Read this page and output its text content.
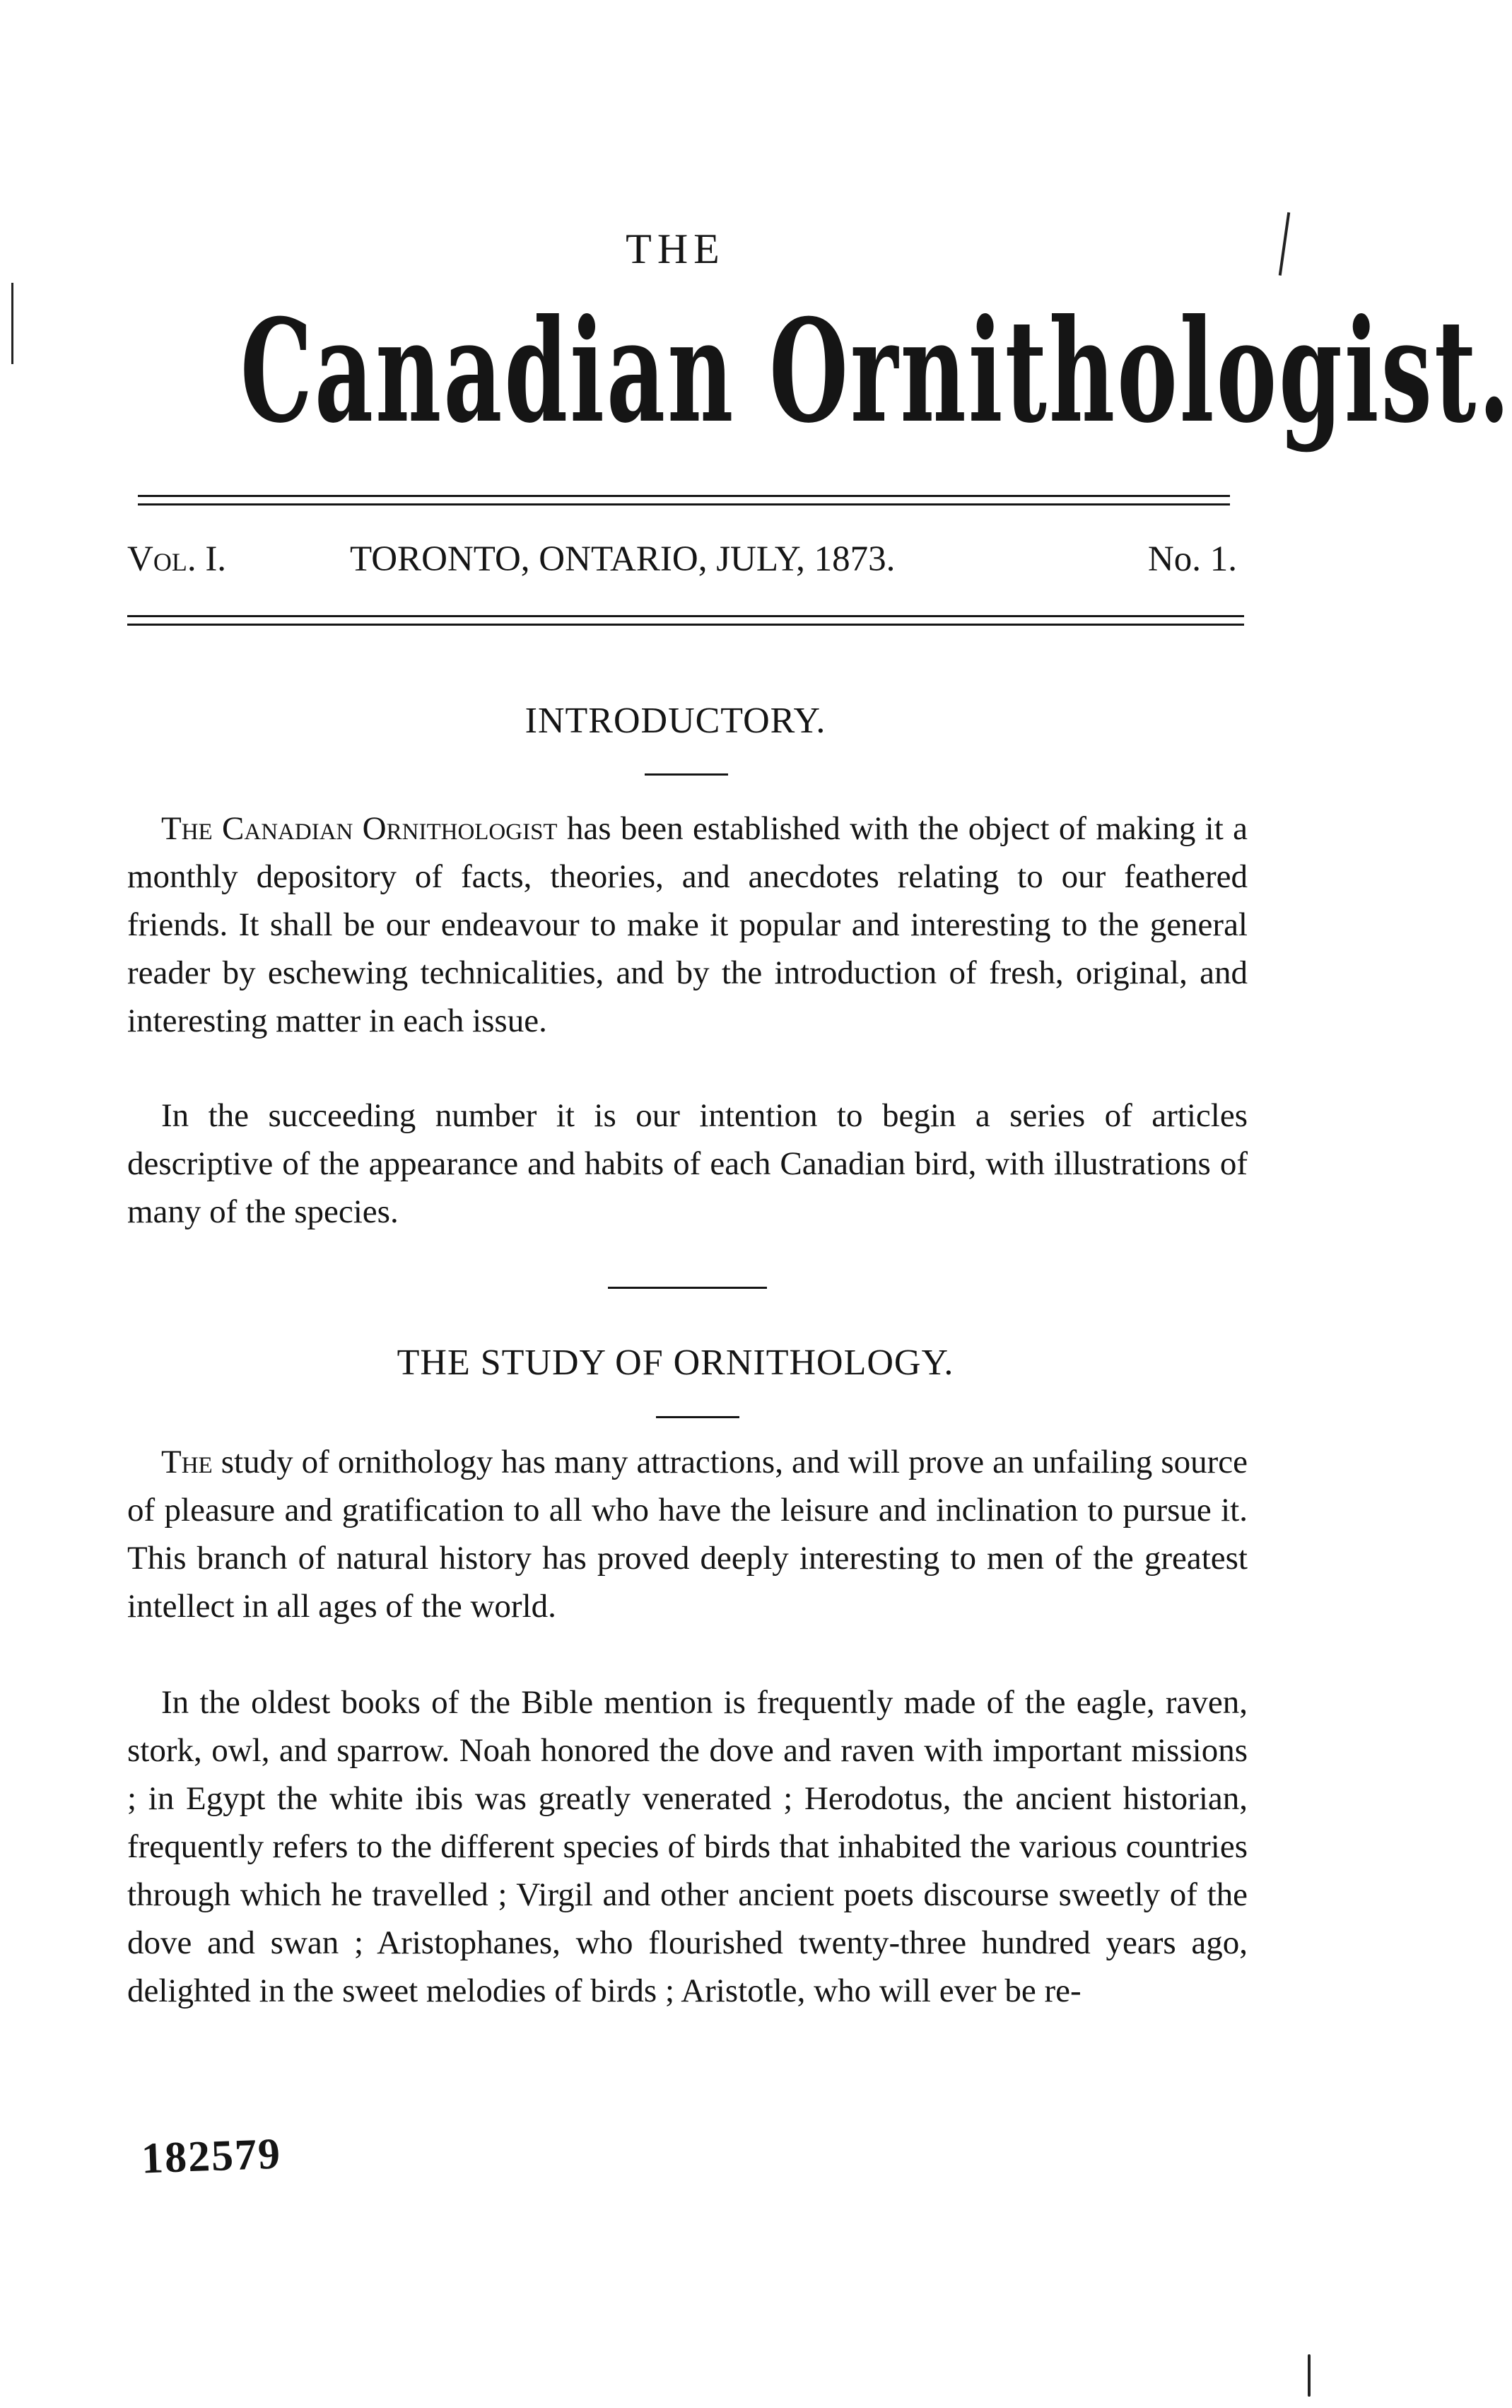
THE
Canadian Ornithologist.
Vol. I.	TORONTO, ONTARIO, JULY, 1873.	No. 1.
INTRODUCTORY.

The Canadian Ornithologist has been established with the object of making it a monthly depository of facts, theories, and anecdotes relating to our feathered friends. It shall be our endeavour to make it popular and interesting to the general reader by eschewing technicalities, and by the introduction of fresh, original, and interesting matter in each issue.

In the succeeding number it is our intention to begin a series of articles descriptive of the appearance and habits of each Canadian bird, with illustrations of many of the species.

THE STUDY OF ORNITHOLOGY.

The study of ornithology has many attractions, and will prove an unfailing source of pleasure and gratification to all who have the leisure and inclination to pursue it. This branch of natural history has proved deeply interesting to men of the greatest intellect in all ages of the world.

In the oldest books of the Bible mention is frequently made of the eagle, raven, stork, owl, and sparrow. Noah honored the dove and raven with important missions ; in Egypt the white ibis was greatly venerated ; Herodotus, the ancient historian, frequently refers to the different species of birds that inhabited the various countries through which he travelled ; Virgil and other ancient poets discourse sweetly of the dove and swan ; Aristophanes, who flourished twenty-three hundred years ago, delighted in the sweet melodies of birds ; Aristotle, who will ever be re-

182579
